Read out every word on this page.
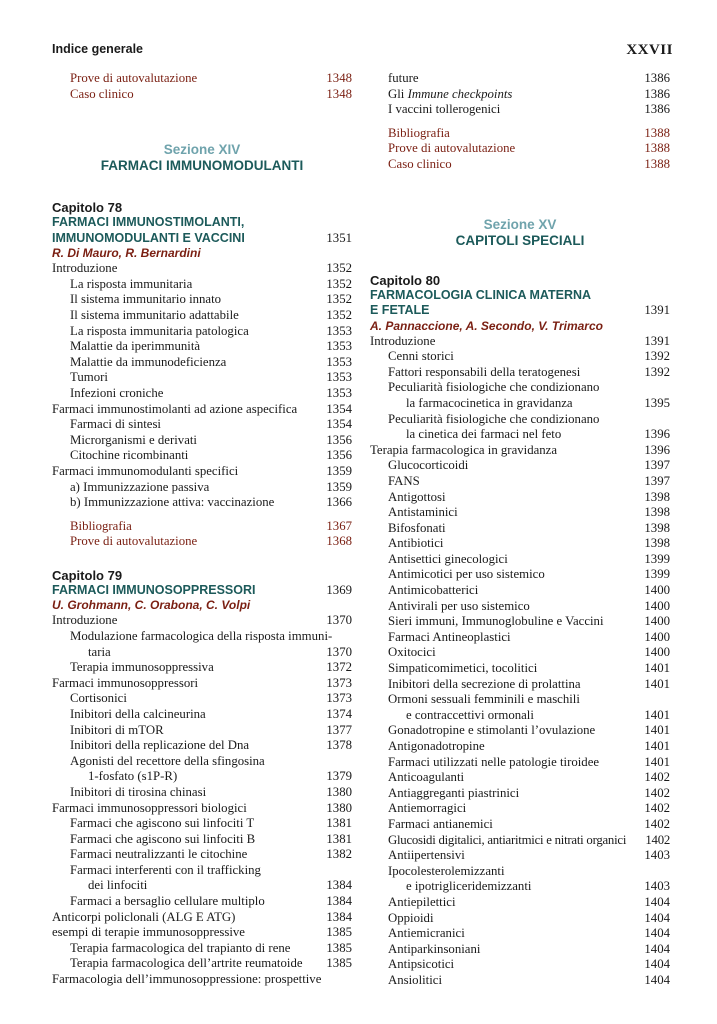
Indice generale	XXVII
Prove di autovalutazione	1348
Caso clinico	1348
Sezione XIV
FARMACI IMMUNOMODULANTI
Capitolo 78
FARMACI IMMUNOSTIMOLANTI,
IMMUNOMODULANTI E VACCINI	1351
R. Di Mauro, R. Bernardini
Introduzione	1352
La risposta immunitaria	1352
Il sistema immunitario innato	1352
Il sistema immunitario adattabile	1352
La risposta immunitaria patologica	1353
Malattie da iperimmunità	1353
Malattie da immunodeficienza	1353
Tumori	1353
Infezioni croniche	1353
Farmaci immunostimolanti ad azione aspecifica	1354
Farmaci di sintesi	1354
Microrganismi e derivati	1356
Citochine ricombinanti	1356
Farmaci immunomodulanti specifici	1359
a) Immunizzazione passiva	1359
b) Immunizzazione attiva: vaccinazione	1366
Bibliografia	1367
Prove di autovalutazione	1368
Capitolo 79
FARMACI IMMUNOSOPPRESSORI	1369
U. Grohmann, C. Orabona, C. Volpi
Introduzione	1370
Modulazione farmacologica della risposta immuni-
taria	1370
Terapia immunosoppressiva	1372
Farmaci immunosoppressori	1373
Cortisonici	1373
Inibitori della calcineurina	1374
Inibitori di mTOR	1377
Inibitori della replicazione del Dna	1378
Agonisti del recettore della sfingosina
1-fosfato (s1P-R)	1379
Inibitori di tirosina chinasi	1380
Farmaci immunosoppressori biologici	1380
Farmaci che agiscono sui linfociti T	1381
Farmaci che agiscono sui linfociti B	1381
Farmaci neutralizzanti le citochine	1382
Farmaci interferenti con il trafficking
dei linfociti	1384
Farmaci a bersaglio cellulare multiplo	1384
Anticorpi policlonali (ALG E ATG)	1384
esempi di terapie immunosoppressive	1385
Terapia farmacologica del trapianto di rene	1385
Terapia farmacologica dell’artrite reumatoide	1385
Farmacologia dell’immunosoppressione: prospettive
future	1386
Gli Immune checkpoints	1386
I vaccini tollerogenici	1386
Bibliografia	1388
Prove di autovalutazione	1388
Caso clinico	1388
Sezione XV
CAPITOLI SPECIALI
Capitolo 80
FARMACOLOGIA CLINICA MATERNA
E FETALE	1391
A. Pannaccione, A. Secondo, V. Trimarco
Introduzione	1391
Cenni storici	1392
Fattori responsabili della teratogenesi	1392
Peculiarità fisiologiche che condizionano
la farmacocinetica in gravidanza	1395
Peculiarità fisiologiche che condizionano
la cinetica dei farmaci nel feto	1396
Terapia farmacologica in gravidanza	1396
Glucocorticoidi	1397
FANS	1397
Antigottosi	1398
Antistaminici	1398
Bifosfonati	1398
Antibiotici	1398
Antisettici ginecologici	1399
Antimicotici per uso sistemico	1399
Antimicobatterici	1400
Antivirali per uso sistemico	1400
Sieri immuni, Immunoglobuline e Vaccini	1400
Farmaci Antineoplastici	1400
Oxitocici	1400
Simpaticomimetici, tocolitici	1401
Inibitori della secrezione di prolattina	1401
Ormoni sessuali femminili e maschili
e contraccettivi ormonali	1401
Gonadotropine e stimolanti l’ovulazione	1401
Antigonadotropine	1401
Farmaci utilizzati nelle patologie tiroidee	1401
Anticoagulanti	1402
Antiaggreganti piastrinici	1402
Antiemorragici	1402
Farmaci antianemici	1402
Glucosidi digitalici, antiaritmici e nitrati organici	1402
Antiipertensivi	1403
Ipocolesterolemizzanti
e ipotrigliceridemizzanti	1403
Antiepilettici	1404
Oppioidi	1404
Antiemicranici	1404
Antiparkinsoniani	1404
Antipsicotici	1404
Ansiolitici	1404
